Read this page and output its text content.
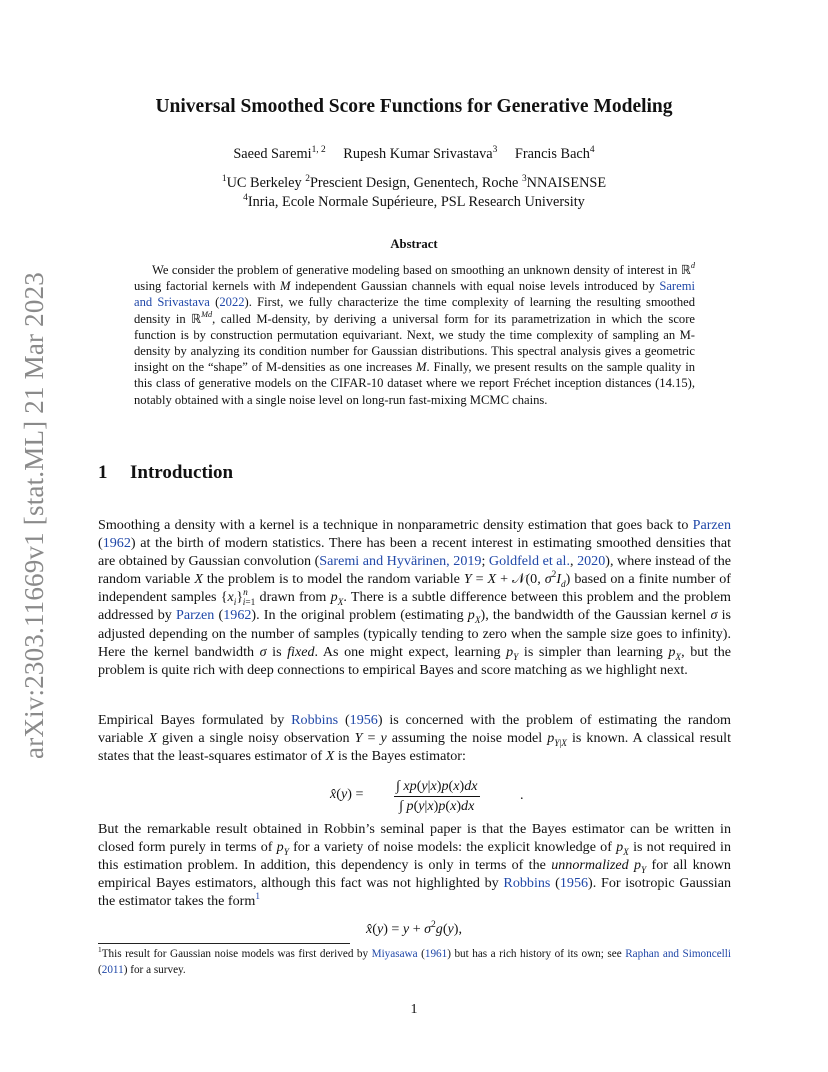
arXiv:2303.11669v1 [stat.ML] 21 Mar 2023
Universal Smoothed Score Functions for Generative Modeling
Saeed Saremi$^{1, 2}$ Rupesh Kumar Srivastava$^3$ Francis Bach$^4$
$^1$UC Berkeley $^2$Prescient Design, Genentech, Roche $^3$NNAISENSE
$^4$Inria, Ecole Normale Supérieure, PSL Research University
Abstract
We consider the problem of generative modeling based on smoothing an unknown density of interest in ℝ$^d$ using factorial kernels with M independent Gaussian channels with equal noise levels introduced by Saremi and Srivastava (2022). First, we fully characterize the time complexity of learning the resulting smoothed density in ℝ$^{Md}$, called M-density, by deriving a universal form for its parametrization in which the score function is by construction permutation equivariant. Next, we study the time complexity of sampling an M-density by analyzing its condition number for Gaussian distributions. This spectral analysis gives a geometric insight on the “shape” of M-densities as one increases M. Finally, we present results on the sample quality in this class of generative models on the CIFAR-10 dataset where we report Fréchet inception distances (14.15), notably obtained with a single noise level on long-run fast-mixing MCMC chains.
1 Introduction
Smoothing a density with a kernel is a technique in nonparametric density estimation that goes back to Parzen (1962) at the birth of modern statistics. There has been a recent interest in estimating smoothed densities that are obtained by Gaussian convolution (Saremi and Hyvärinen, 2019; Goldfeld et al., 2020), where instead of the random variable X the problem is to model the random variable Y = X + 𝒩(0, $\sigma^2I_d$) based on a finite number of independent samples $\{x_i\}^n_{i=1}$ drawn from $p_X$. There is a subtle difference between this problem and the problem addressed by Parzen (1962). In the original problem (estimating $p_X$), the bandwidth of the Gaussian kernel σ is adjusted depending on the number of samples (typically tending to zero when the sample size goes to infinity). Here the kernel bandwidth σ is fixed. As one might expect, learning $p_Y$ is simpler than learning $p_X$, but the problem is quite rich with deep connections to empirical Bayes and score matching as we highlight next.
Empirical Bayes formulated by Robbins (1956) is concerned with the problem of estimating the random variable X given a single noisy observation Y = y assuming the noise model $p_{Y|X}$ is known. A classical result states that the least-squares estimator of X is the Bayes estimator:
x̂(y) = $\frac{\int xp(y|x)p(x)dx}{\int p(y|x)p(x)dx}$	.
But the remarkable result obtained in Robbin’s seminal paper is that the Bayes estimator can be written in closed form purely in terms of $p_Y$ for a variety of noise models: the explicit knowledge of $p_X$ is not required in this estimation problem. In addition, this dependency is only in terms of the unnormalized $p_Y$ for all known empirical Bayes estimators, although this fact was not highlighted by Robbins (1956). For isotropic Gaussian the estimator takes the form$^1$
x̂(y) = $y + \sigma^2g(y)$,
$^1$This result for Gaussian noise models was first derived by Miyasawa (1961) but has a rich history of its own; see Raphan and Simoncelli (2011) for a survey.
1
